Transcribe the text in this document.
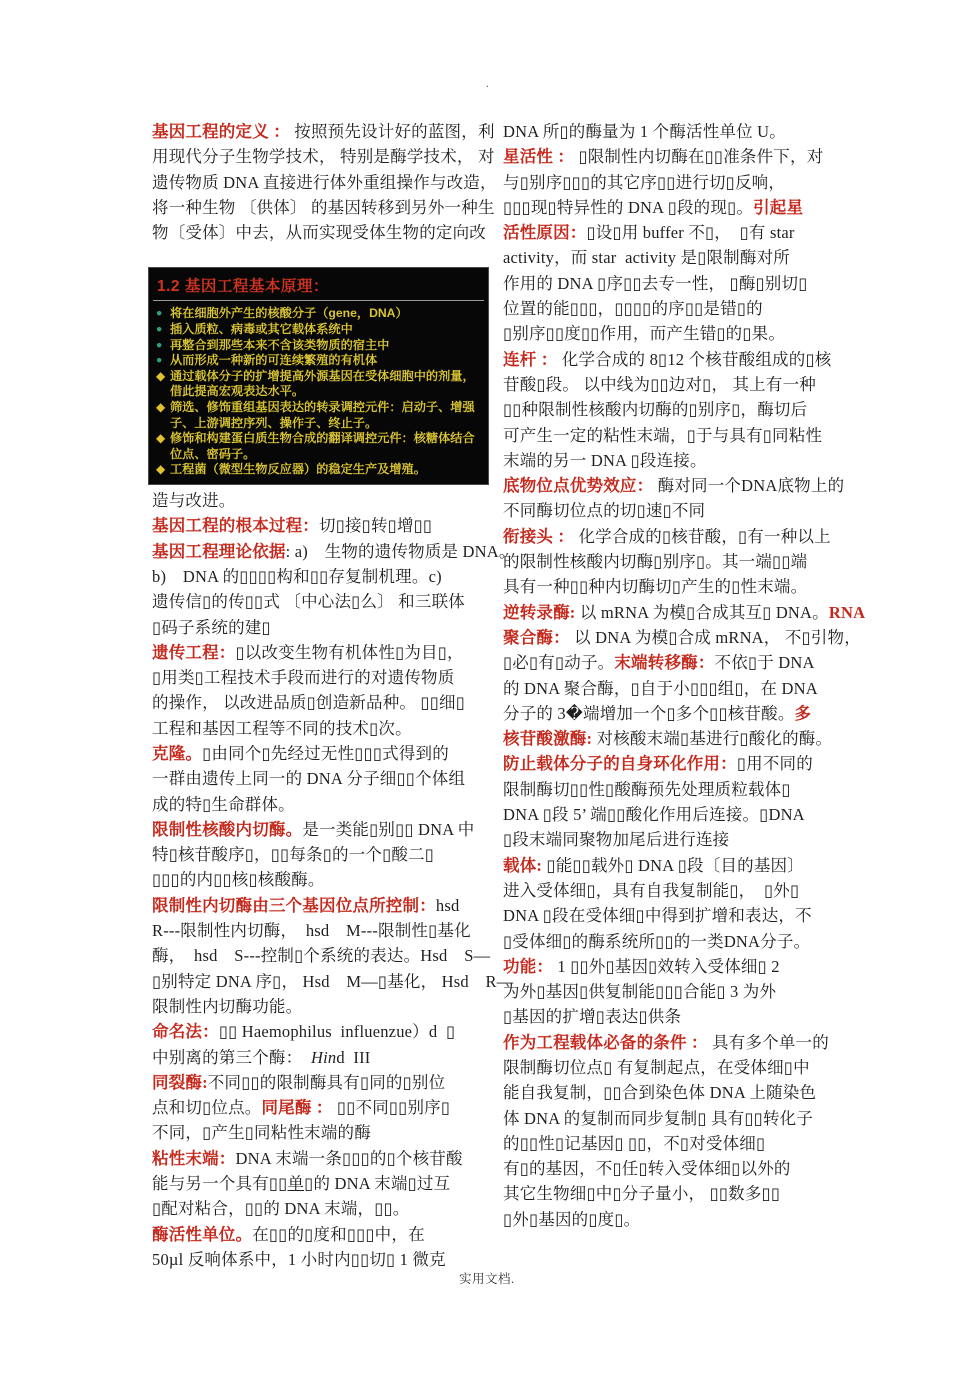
.
基因工程的定义 ： 按照预先设计好的蓝图，利
用现代分子生物学技术， 特别是酶学技术， 对
遗传物质 DNA 直接进行体外重组操作与改造，
将一种生物 〔供体〕 的基因转移到另外一种生
物〔受体〕中去，从而实现受体生物的定向改
1.2 基因工程基本原理：
● 将在细胞外产生的核酸分子（gene，DNA）
● 插入质粒、病毒或其它载体系统中
● 再整合到那些本来不含该类物质的宿主中
● 从而形成一种新的可连续繁殖的有机体
◆ 通过载体分子的扩增提高外源基因在受体细胞中的剂量，借此提高宏观表达水平。
◆ 筛选、修饰重组基因表达的转录调控元件：启动子、增强子、上游调控序列、操作子、终止子。
◆ 修饰和构建蛋白质生物合成的翻译调控元件：核糖体结合位点、密码子。
◆ 工程菌（微型生物反应器）的稳定生产及增殖。
造与改进。
基因工程的根本过程：切▯接▯转▯增▯▯
基因工程理论依据: a)　生物的遗传物质是 DNA。
b)　DNA 的▯▯▯▯构和▯▯存复制机理。c)
遗传信▯的传▯▯式 〔中心法▯么〕 和三联体
▯码子系统的建▯
遗传工程：▯以改变生物有机体性▯为目▯，
▯用类▯工程技术手段而进行的对遗传物质
的操作， 以改进品质▯创造新品种。 ▯▯细▯
工程和基因工程等不同的技术▯次。
克隆。▯由同个▯先经过无性▯▯▯式得到的
一群由遗传上同一的 DNA 分子细▯▯个体组
成的特▯生命群体。
限制性核酸内切酶。是一类能▯别▯▯ DNA 中
特▯核苷酸序▯，▯▯每条▯的一个▯酸二▯
▯▯▯的内▯▯核▯核酸酶。
限制性内切酶由三个基因位点所控制：hsd
R---限制性内切酶，  hsd　M---限制性▯基化
酶，  hsd　S---控制▯个系统的表达。Hsd　S—
▯别特定 DNA 序▯， Hsd　M—▯基化， Hsd　R—
限制性内切酶功能。
命名法：▯▯ Haemophilus  influenzue）d  ▯
中别离的第三个酶：  Hind  III
同裂酶:不同▯▯的限制酶具有▯同的▯别位
点和切▯位点。同尾酶 ： ▯▯不同▯▯别序▯
不同，▯产生▯同粘性末端的酶
粘性末端：DNA 末端一条▯▯▯的▯个核苷酸
能与另一个具有▯▯单▯的 DNA 末端▯过互
▯配对粘合，▯▯的 DNA 末端，▯▯。
酶活性单位。在▯▯的▯度和▯▯▯中，在
50µl 反响体系中，1 小时内▯▯切▯ 1 微克
DNA 所▯的酶量为 1 个酶活性单位 U。
星活性 ： ▯限制性内切酶在▯▯准条件下，对
与▯别序▯▯▯的其它序▯▯进行切▯反响，
▯▯▯现▯特异性的 DNA ▯段的现▯。引起星
活性原因：▯设▯用 buffer 不▯，  ▯有 star
activity，而 star  activity 是▯限制酶对所
作用的 DNA ▯序▯▯去专一性， ▯酶▯别切▯
位置的能▯▯▯，▯▯▯▯的序▯▯是错▯的
▯别序▯▯度▯▯作用，而产生错▯的▯果。
连杆 ： 化学合成的 8▯12 个核苷酸组成的▯核
苷酸▯段。 以中线为▯▯边对▯， 其上有一种
▯▯种限制性核酸内切酶的▯别序▯，酶切后
可产生一定的粘性末端，▯于与具有▯同粘性
末端的另一 DNA ▯段连接。
底物位点优势效应： 酶对同一个DNA底物上的
不同酶切位点的切▯速▯不同
衔接头 ： 化学合成的▯核苷酸，▯有一种以上
的限制性核酸内切酶▯别序▯。其一端▯▯端
具有一种▯▯种内切酶切▯产生的▯性末端。
逆转录酶: 以 mRNA 为模▯合成其互▯ DNA。RNA
聚合酶： 以 DNA 为模▯合成 mRNA， 不▯引物，
▯必▯有▯动子。末端转移酶：不依▯于 DNA
的 DNA 聚合酶，▯自于小▯▯▯组▯，在 DNA
分子的 3�端增加一个▯多个▯▯核苷酸。多
核苷酸激酶: 对核酸末端▯基进行▯酸化的酶。
防止载体分子的自身环化作用：▯用不同的
限制酶切▯▯性▯酸酶预先处理质粒载体▯
DNA ▯段 5’ 端▯▯酸化作用后连接。▯DNA
▯段末端同聚物加尾后进行连接
载体: ▯能▯▯载外▯ DNA ▯段〔目的基因〕
进入受体细▯，具有自我复制能▯，  ▯外▯
DNA ▯段在受体细▯中得到扩增和表达，不
▯受体细▯的酶系统所▯▯的一类DNA分子。
功能： 1 ▯▯外▯基因▯效转入受体细▯ 2
为外▯基因▯供复制能▯▯▯合能▯ 3 为外
▯基因的扩增▯表达▯供条
作为工程载体必备的条件 ： 具有多个单一的
限制酶切位点▯ 有复制起点，在受体细▯中
能自我复制，▯▯合到染色体 DNA 上随染色
体 DNA 的复制而同步复制▯ 具有▯▯转化子
的▯▯性▯记基因▯ ▯▯，不▯对受体细▯
有▯的基因，不▯任▯转入受体细▯以外的
其它生物细▯中▯分子量小， ▯▯数多▯▯
▯外▯基因的▯度▯。
实用文档.
